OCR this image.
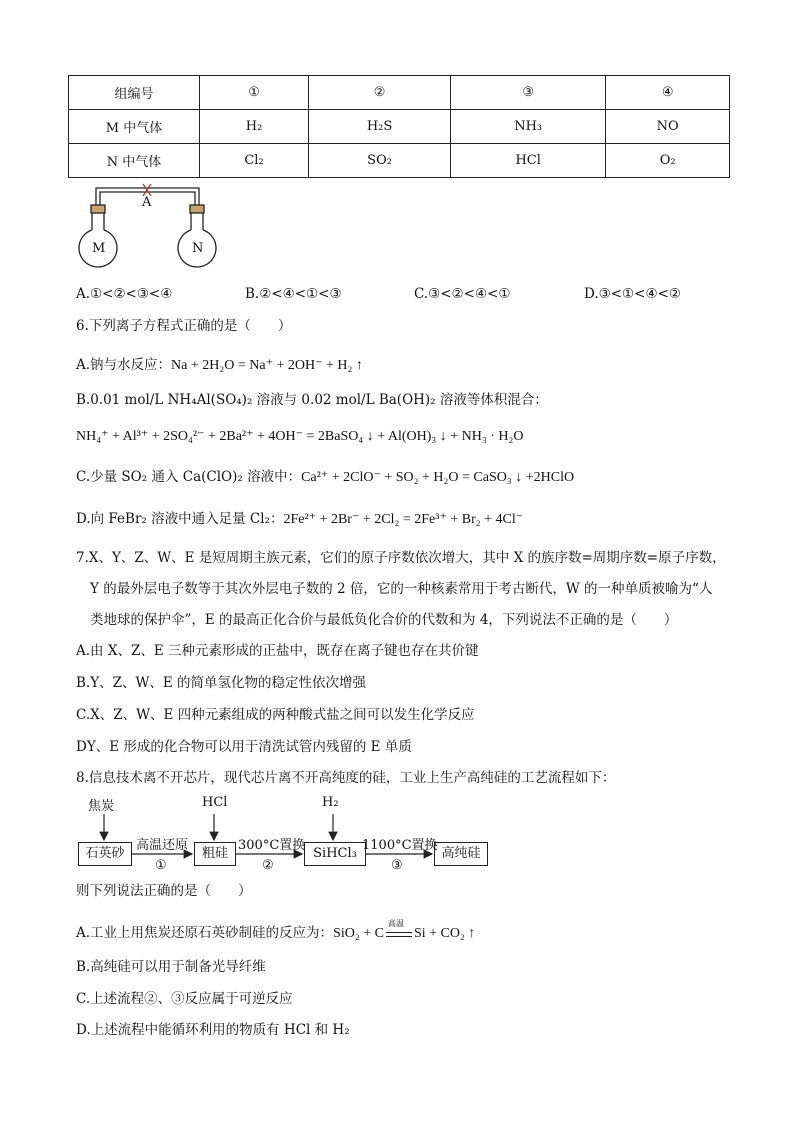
组编号	①	②	③	④
M 中气体	H₂	H₂S	NH₃	NO
N 中气体	Cl₂	SO₂	HCl	O₂
A
M	N
A.①<②<③<④	B.②<④<①<③	C.③<②<④<①	D.③<①<④<②
6.下列离子方程式正确的是（　　）
A.钠与水反应：Na + 2H₂O = Na⁺ + 2OH⁻ + H₂ ↑
B.0.01 mol/L NH₄Al(SO₄)₂ 溶液与 0.02 mol/L Ba(OH)₂ 溶液等体积混合：
NH₄⁺ + Al³⁺ + 2SO₄²⁻ + 2Ba²⁺ + 4OH⁻ = 2BaSO₄ ↓ + Al(OH)₃ ↓ + NH₃ · H₂O
C.少量 SO₂ 通入 Ca(ClO)₂ 溶液中：Ca²⁺ + 2ClO⁻ + SO₂ + H₂O = CaSO₃ ↓ +2HClO
D.向 FeBr₂ 溶液中通入足量 Cl₂：2Fe²⁺ + 2Br⁻ + 2Cl₂ = 2Fe³⁺ + Br₂ + 4Cl⁻
7.X、Y、Z、W、E 是短周期主族元素，它们的原子序数依次增大，其中 X 的族序数=周期序数=原子序数，
Y 的最外层电子数等于其次外层电子数的 2 倍，它的一种核素常用于考古断代，W 的一种单质被喻为“人
类地球的保护伞”，E 的最高正化合价与最低负化合价的代数和为 4，下列说法不正确的是（　　）
A.由 X、Z、E 三种元素形成的正盐中，既存在离子键也存在共价键
B.Y、Z、W、E 的简单氢化物的稳定性依次增强
C.X、Z、W、E 四种元素组成的两种酸式盐之间可以发生化学反应
DY、E 形成的化合物可以用于清洗试管内残留的 E 单质
8.信息技术离不开芯片，现代芯片离不开高纯度的硅，工业上生产高纯硅的工艺流程如下：
焦炭	HCl	H₂
石英砂	粗硅	SiHCl₃	高纯硅
高温还原	300°C置换	1100°C置换
①	②	③
则下列说法正确的是（　　）
A.工业上用焦炭还原石英砂制硅的反应为：SiO₂ + C
高温
Si + CO₂ ↑
B.高纯硅可以用于制备光导纤维
C.上述流程②、③反应属于可逆反应
D.上述流程中能循环利用的物质有 HCl 和 H₂
